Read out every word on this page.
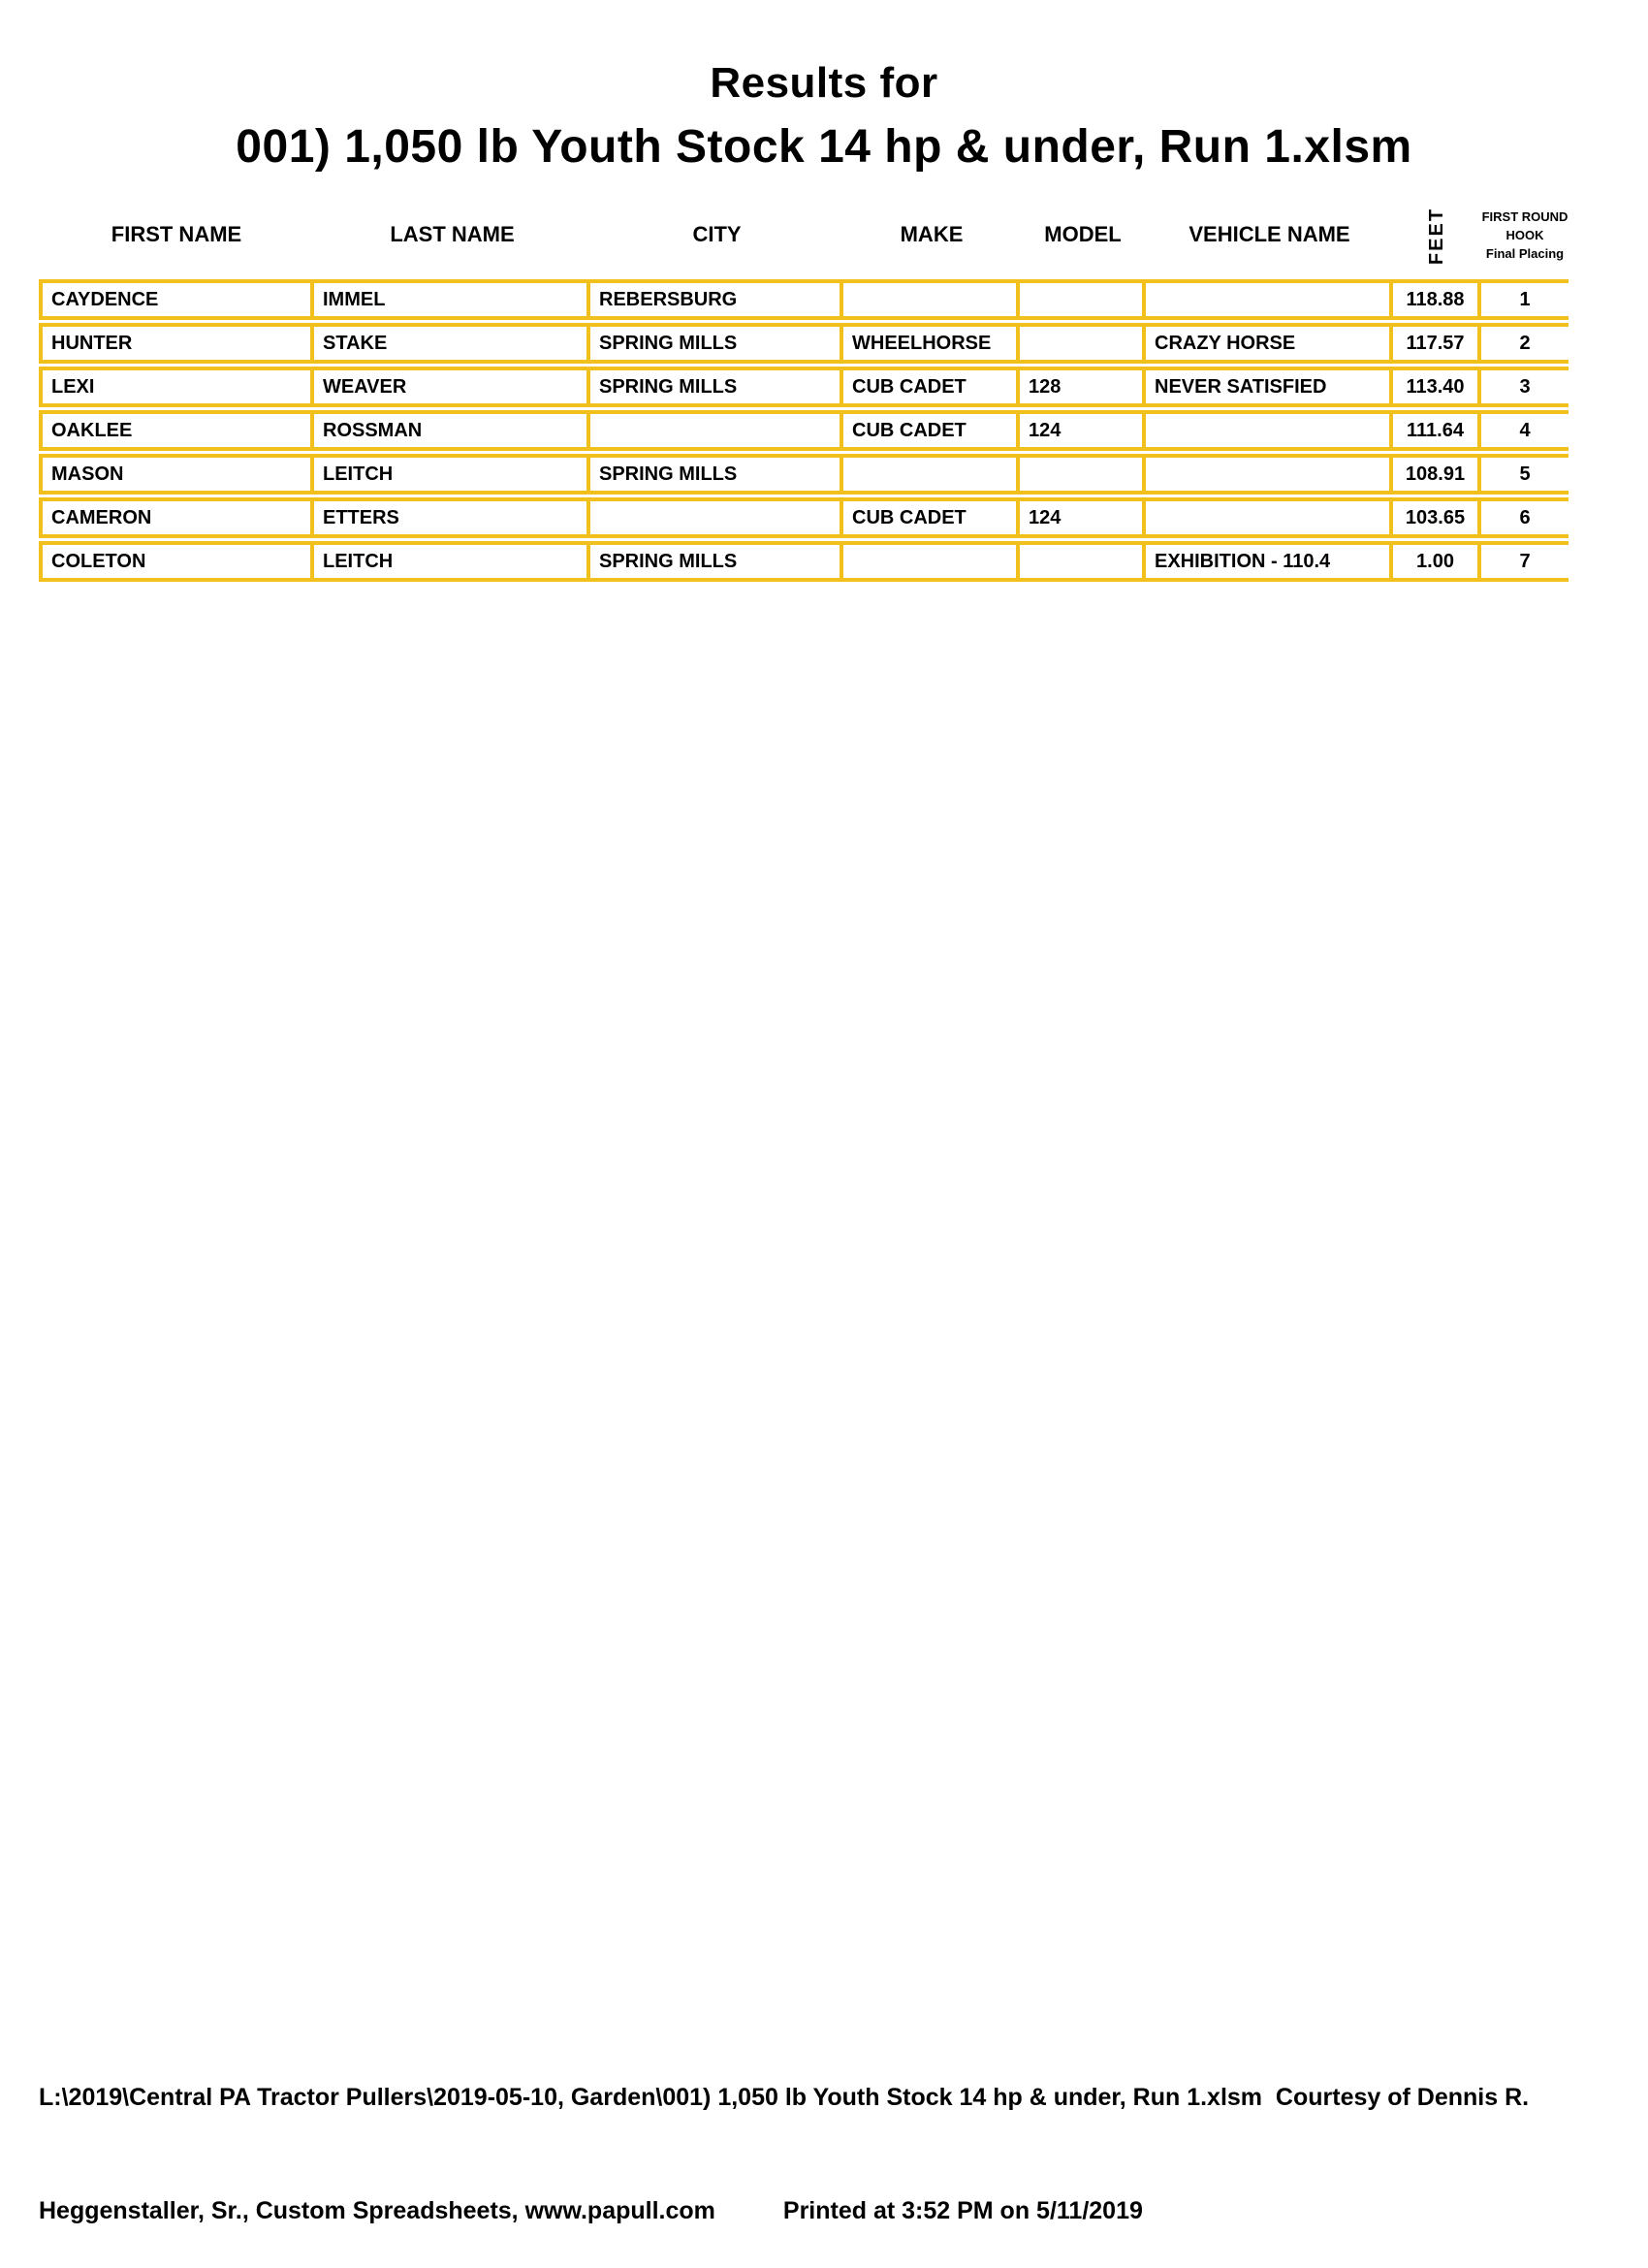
Results for
001) 1,050 lb Youth Stock 14 hp & under, Run 1.xlsm
FIRST NAME	LAST NAME	CITY	MAKE	MODEL	VEHICLE NAME	FEET	FIRST ROUND
HOOK
Final Placing

CAYDENCE	IMMEL	REBERSBURG				118.88	1
HUNTER	STAKE	SPRING MILLS	WHEELHORSE		CRAZY HORSE	117.57	2
LEXI	WEAVER	SPRING MILLS	CUB CADET	128	NEVER SATISFIED	113.40	3
OAKLEE	ROSSMAN		CUB CADET	124		111.64	4
MASON	LEITCH	SPRING MILLS				108.91	5
CAMERON	ETTERS		CUB CADET	124		103.65	6
COLETON	LEITCH	SPRING MILLS			EXHIBITION - 110.4	1.00	7

L:\2019\Central PA Tractor Pullers\2019-05-10, Garden\001) 1,050 lb Youth Stock 14 hp & under, Run 1.xlsm  Courtesy of Dennis R.

Heggenstaller, Sr., Custom Spreadsheets, www.papull.com	Printed at 3:52 PM on 5/11/2019
